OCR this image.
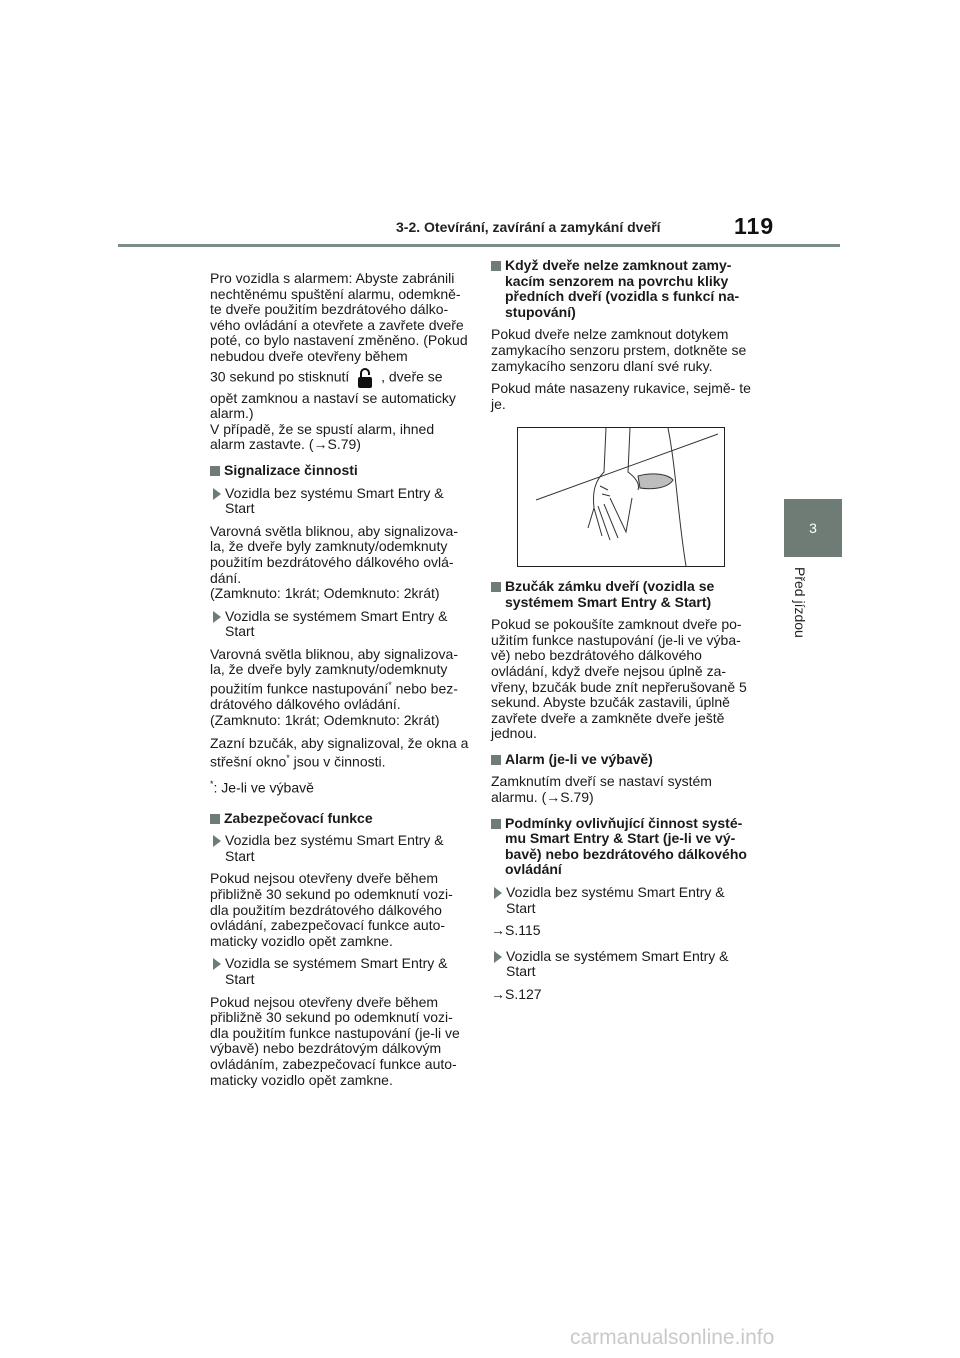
3-2. Otevírání, zavírání a zamykání dveří	119
3
Před jízdou

Pro vozidla s alarmem: Abyste zabránili nechtěnému spuštění alarmu, odemkně- te dveře použitím bezdrátového dálko- vého ovládání a otevřete a zavřete dveře poté, co bylo nastavení změněno. (Pokud nebudou dveře otevřeny během

30 sekund po stisknutí , dveře se

opět zamknou a nastaví se automaticky alarm.)

V případě, že se spustí alarm, ihned alarm zastavte. (→S.79)

Signalizace činnosti
Vozidla bez systému Smart Entry & Start

Varovná světla bliknou, aby signalizova- la, že dveře byly zamknuty/odemknuty použitím bezdrátového dálkového ovlá- dání.

(Zamknuto: 1krát; Odemknuto: 2krát)

Vozidla se systémem Smart Entry & Start

Varovná světla bliknou, aby signalizova- la, že dveře byly zamknuty/odemknuty použitím funkce nastupování* nebo bez- drátového dálkového ovládání.

(Zamknuto: 1krát; Odemknuto: 2krát)

Zazní bzučák, aby signalizoval, že okna a střešní okno* jsou v činnosti.

*: Je-li ve výbavě

Zabezpečovací funkce
Vozidla bez systému Smart Entry & Start

Pokud nejsou otevřeny dveře během přibližně 30 sekund po odemknutí vozi- dla použitím bezdrátového dálkového ovládání, zabezpečovací funkce auto- maticky vozidlo opět zamkne.

Vozidla se systémem Smart Entry & Start

Pokud nejsou otevřeny dveře během přibližně 30 sekund po odemknutí vozi- dla použitím funkce nastupování (je-li ve výbavě) nebo bezdrátovým dálkovým ovládáním, zabezpečovací funkce auto- maticky vozidlo opět zamkne.

Když dveře nelze zamknout zamy- kacím senzorem na povrchu kliky předních dveří (vozidla s funkcí na- stupování)

Pokud dveře nelze zamknout dotykem zamykacího senzoru prstem, dotkněte se zamykacího senzoru dlaní své ruky.

Pokud máte nasazeny rukavice, sejmě- te je.

Bzučák zámku dveří (vozidla se systémem Smart Entry & Start)

Pokud se pokoušíte zamknout dveře po- užitím funkce nastupování (je-li ve výba- vě) nebo bezdrátového dálkového ovládání, když dveře nejsou úplně za- vřeny, bzučák bude znít nepřerušovaně 5 sekund. Abyste bzučák zastavili, úplně zavřete dveře a zamkněte dveře ještě jednou.

Alarm (je-li ve výbavě)

Zamknutím dveří se nastaví systém alarmu. (→S.79)

Podmínky ovlivňující činnost systé- mu Smart Entry & Start (je-li ve vý- bavě) nebo bezdrátového dálkového ovládání
Vozidla bez systému Smart Entry & Start

→S.115

Vozidla se systémem Smart Entry & Start

→S.127

carmanualsonline.info
